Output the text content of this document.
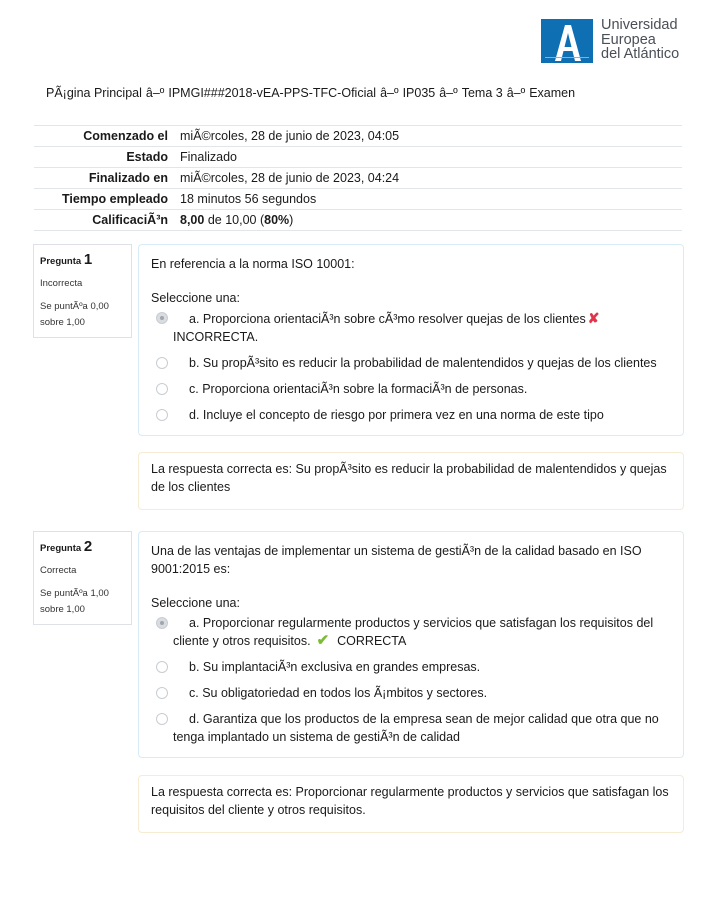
Universidad
Europea
del Atlántico
PÃ¡gina Principal â–º IPMGI###2018-vEA-PPS-TFC-Oficial â–º IP035 â–º Tema 3 â–º Examen
Comenzado el miÃ©rcoles, 28 de junio de 2023, 04:05
Estado Finalizado
Finalizado en miÃ©rcoles, 28 de junio de 2023, 04:24
Tiempo empleado 18 minutos 56 segundos
CalificaciÃ³n 8,00 de 10,00 (80%)
Pregunta 1
Incorrecta
Se puntÃºa 0,00 sobre 1,00
En referencia a la norma ISO 10001:
Seleccione una:
a. Proporciona orientaciÃ³n sobre cÃ³mo resolver quejas de los clientes ✘
INCORRECTA.
b. Su propÃ³sito es reducir la probabilidad de malentendidos y quejas de los clientes
c. Proporciona orientaciÃ³n sobre la formaciÃ³n de personas.
d. Incluye el concepto de riesgo por primera vez en una norma de este tipo
La respuesta correcta es: Su propÃ³sito es reducir la probabilidad de malentendidos y quejas de los clientes
Pregunta 2
Correcta
Se puntÃºa 1,00 sobre 1,00
Una de las ventajas de implementar un sistema de gestiÃ³n de la calidad basado en ISO 9001:2015 es:
Seleccione una:
a. Proporcionar regularmente productos y servicios que satisfagan los requisitos del cliente y otros requisitos. ✔ CORRECTA
b. Su implantaciÃ³n exclusiva en grandes empresas.
c. Su obligatoriedad en todos los Ã¡mbitos y sectores.
d. Garantiza que los productos de la empresa sean de mejor calidad que otra que no tenga implantado un sistema de gestiÃ³n de calidad
La respuesta correcta es: Proporcionar regularmente productos y servicios que satisfagan los requisitos del cliente y otros requisitos.
